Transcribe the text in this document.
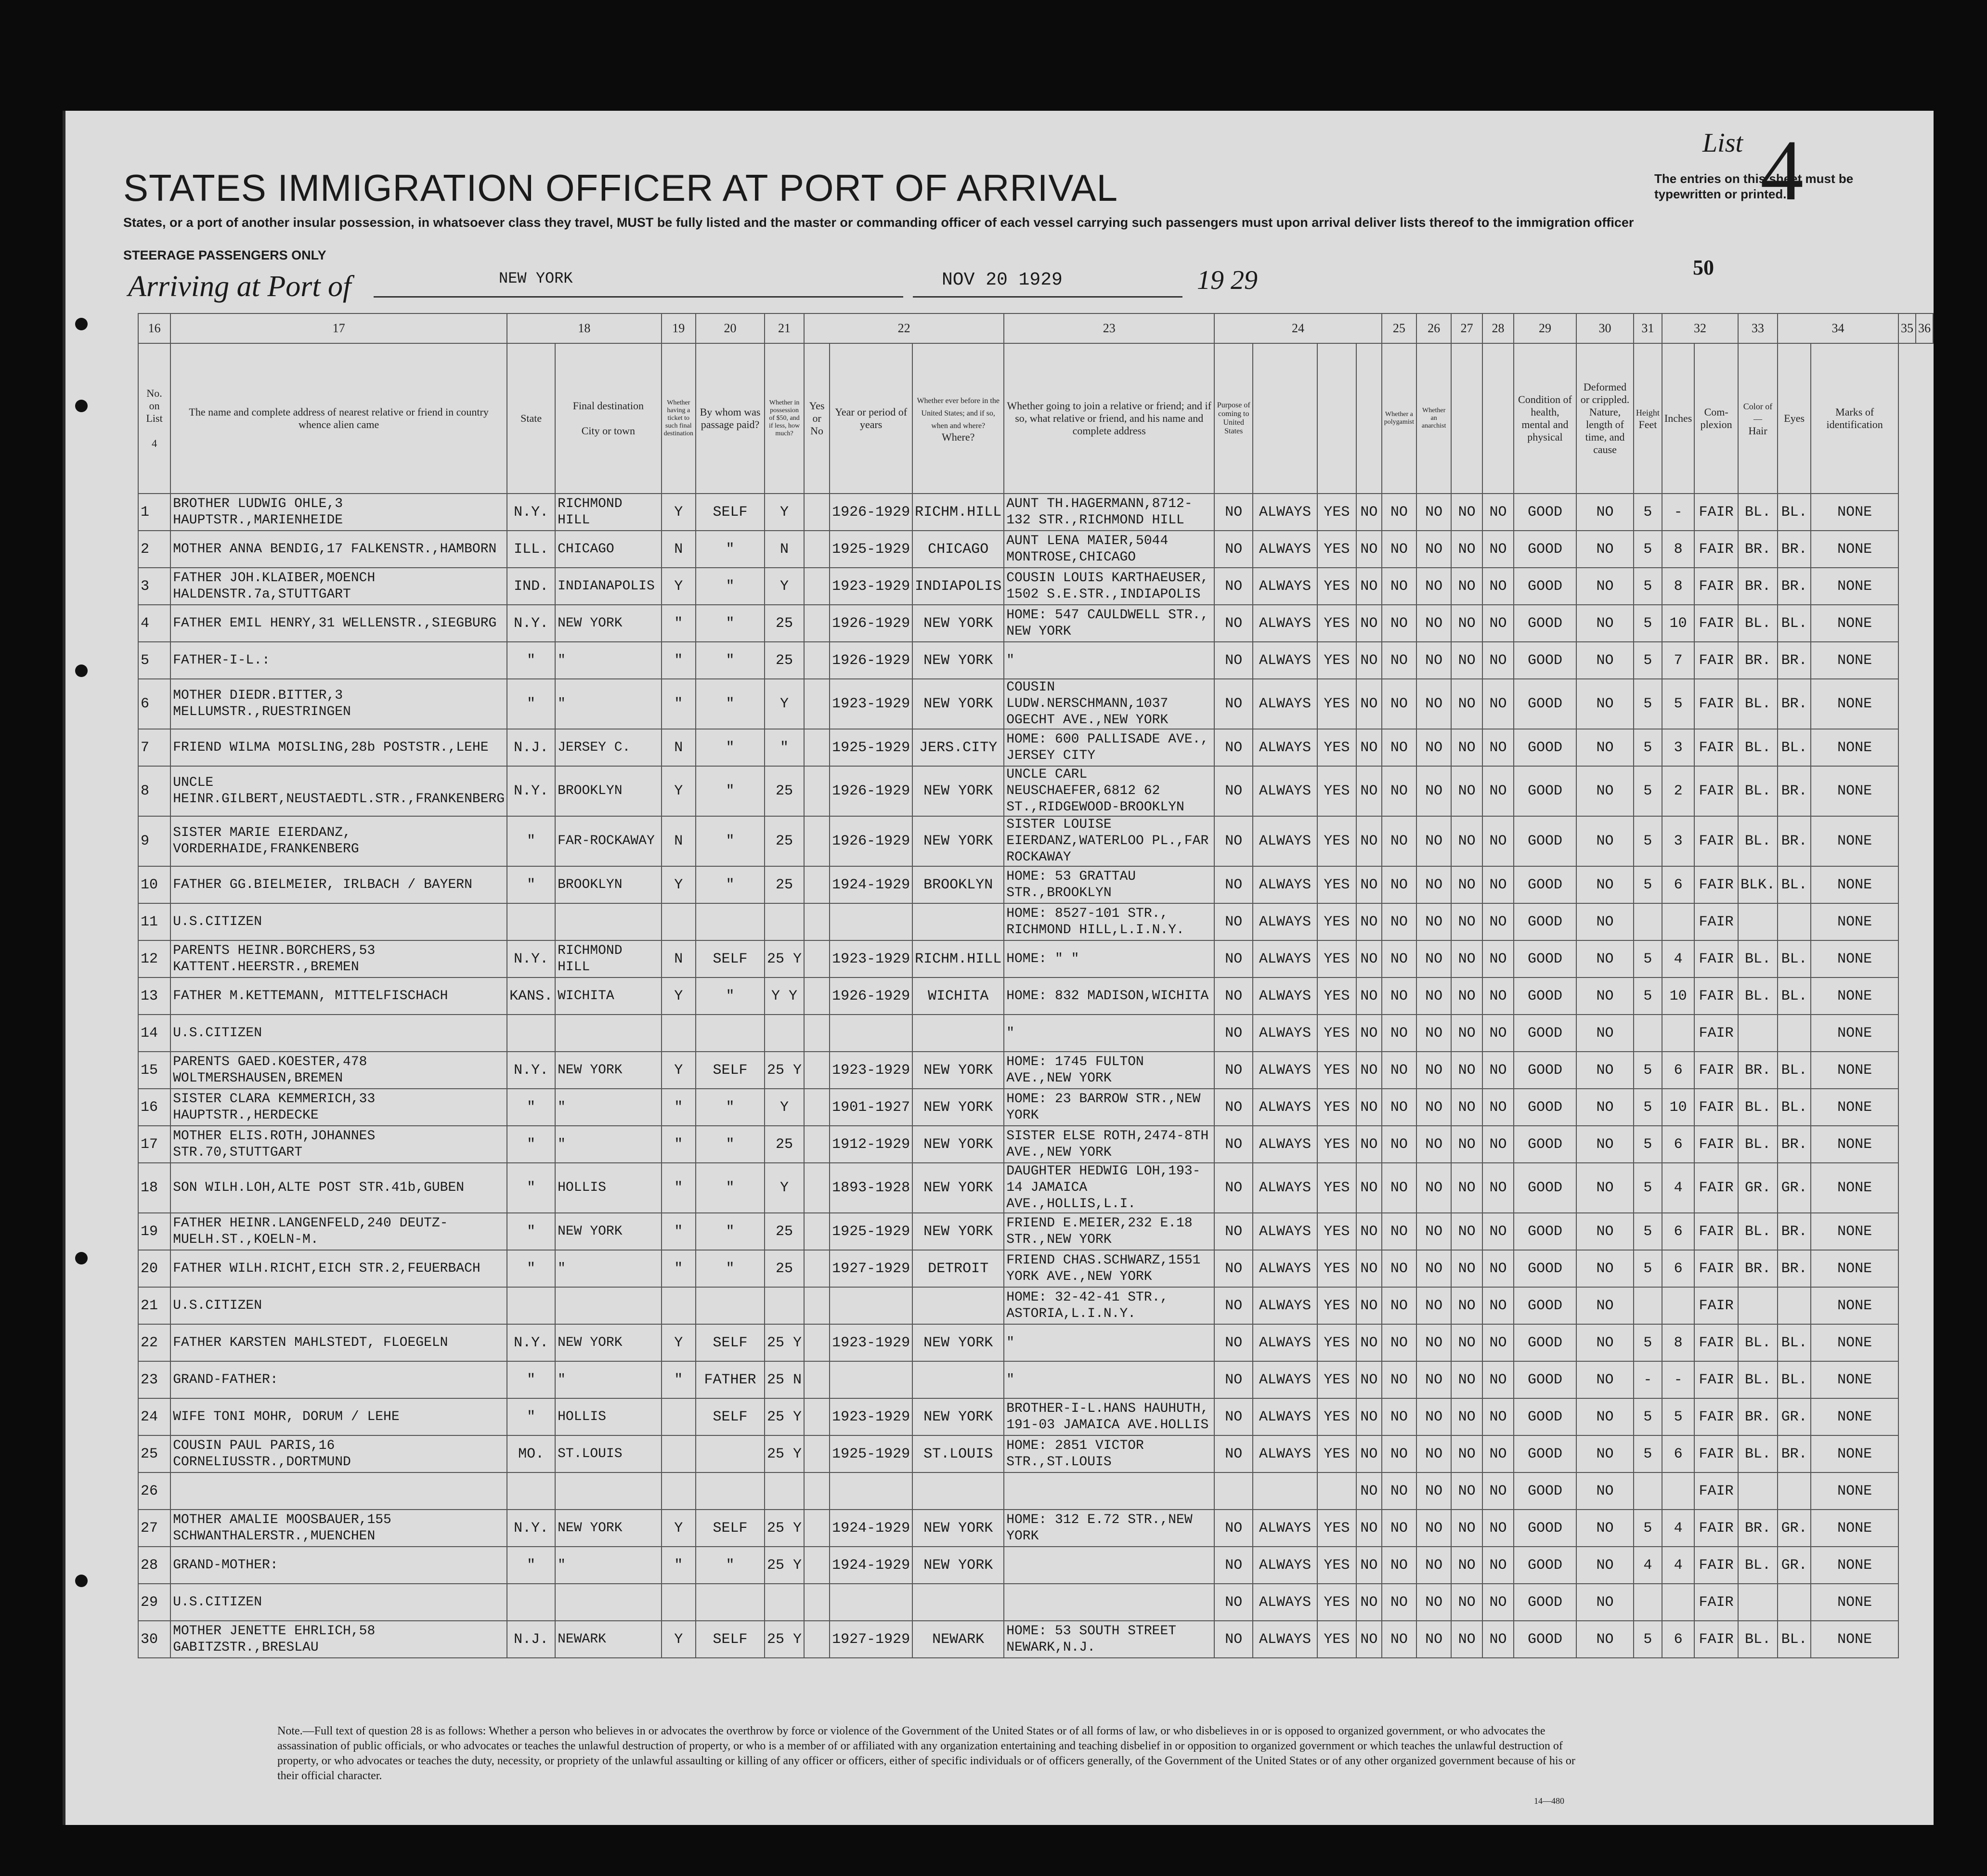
STATES IMMIGRATION OFFICER AT PORT OF ARRIVAL
States, or a port of another insular possession, in whatsoever class they travel, MUST be fully listed and the master or commanding officer of each vessel carrying such passengers must upon arrival deliver lists thereof to the immigration officer
STEERAGE PASSENGERS ONLY
Arriving at Port of	NEW YORK	NOV 20 1929	19 29
List 4
The entries on this sheet must be typewritten or printed.
50
16	17	18		19	20	21	22			23	24				25	26	27	28	29	30	31	32		33	34		35	36
No. on List

4	The name and complete address of nearest relative or friend in country whence alien came	State	Final destination

City or town	Whether having a ticket to such final destination	By whom was passage paid?	Whether in possession of $50, and if less, how much?	Yes or No	Year or period of years	Whether ever before in the United States; and if so, when and where?
Where?	Whether going to join a relative or friend; and if so, what relative or friend, and his name and complete address	Purpose of coming to United States				Whether a polygamist	Whether an anarchist			Condition of health, mental and physical	Deformed or crippled. Nature, length of time, and cause	Height
Feet	Inches	Com-plexion	Color of—
Hair	Eyes	Marks of identification		
1	BROTHER LUDWIG OHLE,3 HAUPTSTR.,MARIENHEIDE	N.Y.	RICHMOND HILL	Y	SELF	Y		1926-1929	RICHM.HILL	AUNT TH.HAGERMANN,8712-132 STR.,RICHMOND HILL	NO	ALWAYS	YES	NO	NO	NO	NO	NO	GOOD	NO	5	-	FAIR	BL.	BL.	NONE		
2	MOTHER ANNA BENDIG,17 FALKENSTR.,HAMBORN	ILL.	CHICAGO	N	"	N		1925-1929	CHICAGO	AUNT LENA MAIER,5044 MONTROSE,CHICAGO	NO	ALWAYS	YES	NO	NO	NO	NO	NO	GOOD	NO	5	8	FAIR	BR.	BR.	NONE		
3	FATHER JOH.KLAIBER,MOENCH HALDENSTR.7a,STUTTGART	IND.	INDIANAPOLIS	Y	"	Y		1923-1929	INDIAPOLIS	COUSIN LOUIS KARTHAEUSER, 1502 S.E.STR.,INDIAPOLIS	NO	ALWAYS	YES	NO	NO	NO	NO	NO	GOOD	NO	5	8	FAIR	BR.	BR.	NONE		
4	FATHER EMIL HENRY,31 WELLENSTR.,SIEGBURG	N.Y.	NEW YORK	"	"	25		1926-1929	NEW YORK	HOME: 547 CAULDWELL STR., NEW YORK	NO	ALWAYS	YES	NO	NO	NO	NO	NO	GOOD	NO	5	10	FAIR	BL.	BL.	NONE		
5	FATHER-I-L.:	"	"	"	"	25		1926-1929	NEW YORK	"	NO	ALWAYS	YES	NO	NO	NO	NO	NO	GOOD	NO	5	7	FAIR	BR.	BR.	NONE		
6	MOTHER DIEDR.BITTER,3 MELLUMSTR.,RUESTRINGEN	"	"	"	"	Y		1923-1929	NEW YORK	COUSIN LUDW.NERSCHMANN,1037 OGECHT AVE.,NEW YORK	NO	ALWAYS	YES	NO	NO	NO	NO	NO	GOOD	NO	5	5	FAIR	BL.	BR.	NONE		
7	FRIEND WILMA MOISLING,28b POSTSTR.,LEHE	N.J.	JERSEY C.	N	"	"		1925-1929	JERS.CITY	HOME: 600 PALLISADE AVE., JERSEY CITY	NO	ALWAYS	YES	NO	NO	NO	NO	NO	GOOD	NO	5	3	FAIR	BL.	BL.	NONE		
8	UNCLE HEINR.GILBERT,NEUSTAEDTL.STR.,FRANKENBERG	N.Y.	BROOKLYN	Y	"	25		1926-1929	NEW YORK	UNCLE CARL NEUSCHAEFER,6812 62 ST.,RIDGEWOOD-BROOKLYN	NO	ALWAYS	YES	NO	NO	NO	NO	NO	GOOD	NO	5	2	FAIR	BL.	BR.	NONE		
9	SISTER MARIE EIERDANZ, VORDERHAIDE,FRANKENBERG	"	FAR-ROCKAWAY	N	"	25		1926-1929	NEW YORK	SISTER LOUISE EIERDANZ,WATERLOO PL.,FAR ROCKAWAY	NO	ALWAYS	YES	NO	NO	NO	NO	NO	GOOD	NO	5	3	FAIR	BL.	BR.	NONE		
10	FATHER GG.BIELMEIER, IRLBACH / BAYERN	"	BROOKLYN	Y	"	25		1924-1929	BROOKLYN	HOME: 53 GRATTAU STR.,BROOKLYN	NO	ALWAYS	YES	NO	NO	NO	NO	NO	GOOD	NO	5	6	FAIR	BLK.	BL.	NONE		
11	U.S.CITIZEN									HOME: 8527-101 STR., RICHMOND HILL,L.I.N.Y.	NO	ALWAYS	YES	NO	NO	NO	NO	NO	GOOD	NO			FAIR			NONE		
12	PARENTS HEINR.BORCHERS,53 KATTENT.HEERSTR.,BREMEN	N.Y.	RICHMOND HILL	N	SELF	25 Y		1923-1929	RICHM.HILL	HOME: " "	NO	ALWAYS	YES	NO	NO	NO	NO	NO	GOOD	NO	5	4	FAIR	BL.	BL.	NONE		
13	FATHER M.KETTEMANN, MITTELFISCHACH	KANS.	WICHITA	Y	"	Y Y		1926-1929	WICHITA	HOME: 832 MADISON,WICHITA	NO	ALWAYS	YES	NO	NO	NO	NO	NO	GOOD	NO	5	10	FAIR	BL.	BL.	NONE		
14	U.S.CITIZEN									"	NO	ALWAYS	YES	NO	NO	NO	NO	NO	GOOD	NO			FAIR			NONE		
15	PARENTS GAED.KOESTER,478 WOLTMERSHAUSEN,BREMEN	N.Y.	NEW YORK	Y	SELF	25 Y		1923-1929	NEW YORK	HOME: 1745 FULTON AVE.,NEW YORK	NO	ALWAYS	YES	NO	NO	NO	NO	NO	GOOD	NO	5	6	FAIR	BR.	BL.	NONE		
16	SISTER CLARA KEMMERICH,33 HAUPTSTR.,HERDECKE	"	"	"	"	Y		1901-1927	NEW YORK	HOME: 23 BARROW STR.,NEW YORK	NO	ALWAYS	YES	NO	NO	NO	NO	NO	GOOD	NO	5	10	FAIR	BL.	BL.	NONE		
17	MOTHER ELIS.ROTH,JOHANNES STR.70,STUTTGART	"	"	"	"	25		1912-1929	NEW YORK	SISTER ELSE ROTH,2474-8TH AVE.,NEW YORK	NO	ALWAYS	YES	NO	NO	NO	NO	NO	GOOD	NO	5	6	FAIR	BL.	BR.	NONE		
18	SON WILH.LOH,ALTE POST STR.41b,GUBEN	"	HOLLIS	"	"	Y		1893-1928	NEW YORK	DAUGHTER HEDWIG LOH,193-14 JAMAICA AVE.,HOLLIS,L.I.	NO	ALWAYS	YES	NO	NO	NO	NO	NO	GOOD	NO	5	4	FAIR	GR.	GR.	NONE		
19	FATHER HEINR.LANGENFELD,240 DEUTZ-MUELH.ST.,KOELN-M.	"	NEW YORK	"	"	25		1925-1929	NEW YORK	FRIEND E.MEIER,232 E.18 STR.,NEW YORK	NO	ALWAYS	YES	NO	NO	NO	NO	NO	GOOD	NO	5	6	FAIR	BL.	BR.	NONE		
20	FATHER WILH.RICHT,EICH STR.2,FEUERBACH	"	"	"	"	25		1927-1929	DETROIT	FRIEND CHAS.SCHWARZ,1551 YORK AVE.,NEW YORK	NO	ALWAYS	YES	NO	NO	NO	NO	NO	GOOD	NO	5	6	FAIR	BR.	BR.	NONE		
21	U.S.CITIZEN									HOME: 32-42-41 STR., ASTORIA,L.I.N.Y.	NO	ALWAYS	YES	NO	NO	NO	NO	NO	GOOD	NO			FAIR			NONE		
22	FATHER KARSTEN MAHLSTEDT, FLOEGELN	N.Y.	NEW YORK	Y	SELF	25 Y		1923-1929	NEW YORK	"	NO	ALWAYS	YES	NO	NO	NO	NO	NO	GOOD	NO	5	8	FAIR	BL.	BL.	NONE		
23	GRAND-FATHER:	"	"	"	FATHER	25 N				"	NO	ALWAYS	YES	NO	NO	NO	NO	NO	GOOD	NO	-	-	FAIR	BL.	BL.	NONE		
24	WIFE TONI MOHR, DORUM / LEHE	"	HOLLIS		SELF	25 Y		1923-1929	NEW YORK	BROTHER-I-L.HANS HAUHUTH, 191-03 JAMAICA AVE.HOLLIS	NO	ALWAYS	YES	NO	NO	NO	NO	NO	GOOD	NO	5	5	FAIR	BR.	GR.	NONE		
25	COUSIN PAUL PARIS,16 CORNELIUSSTR.,DORTMUND	MO.	ST.LOUIS			25 Y		1925-1929	ST.LOUIS	HOME: 2851 VICTOR STR.,ST.LOUIS	NO	ALWAYS	YES	NO	NO	NO	NO	NO	GOOD	NO	5	6	FAIR	BL.	BR.	NONE		
26														NO	NO	NO	NO	NO	GOOD	NO			FAIR			NONE		
27	MOTHER AMALIE MOOSBAUER,155 SCHWANTHALERSTR.,MUENCHEN	N.Y.	NEW YORK	Y	SELF	25 Y		1924-1929	NEW YORK	HOME: 312 E.72 STR.,NEW YORK	NO	ALWAYS	YES	NO	NO	NO	NO	NO	GOOD	NO	5	4	FAIR	BR.	GR.	NONE		
28	GRAND-MOTHER:	"	"	"	"	25 Y		1924-1929	NEW YORK		NO	ALWAYS	YES	NO	NO	NO	NO	NO	GOOD	NO	4	4	FAIR	BL.	GR.	NONE		
29	U.S.CITIZEN										NO	ALWAYS	YES	NO	NO	NO	NO	NO	GOOD	NO			FAIR			NONE		
30	MOTHER JENETTE EHRLICH,58 GABITZSTR.,BRESLAU	N.J.	NEWARK	Y	SELF	25 Y		1927-1929	NEWARK	HOME: 53 SOUTH STREET NEWARK,N.J.	NO	ALWAYS	YES	NO	NO	NO	NO	NO	GOOD	NO	5	6	FAIR	BL.	BL.	NONE		
Note.—Full text of question 28 is as follows: Whether a person who believes in or advocates the overthrow by force or violence of the Government of the United States or of all forms of law, or who disbelieves in or is opposed to organized government, or who advocates the assassination of public officials, or who advocates or teaches the unlawful destruction of property, or who is a member of or affiliated with any organization entertaining and teaching disbelief in or opposition to organized government or which teaches the unlawful destruction of property, or who advocates or teaches the duty, necessity, or propriety of the unlawful assaulting or killing of any officer or officers, either of specific individuals or of officers generally, of the Government of the United States or of any other organized government because of his or their official character.
14—480
